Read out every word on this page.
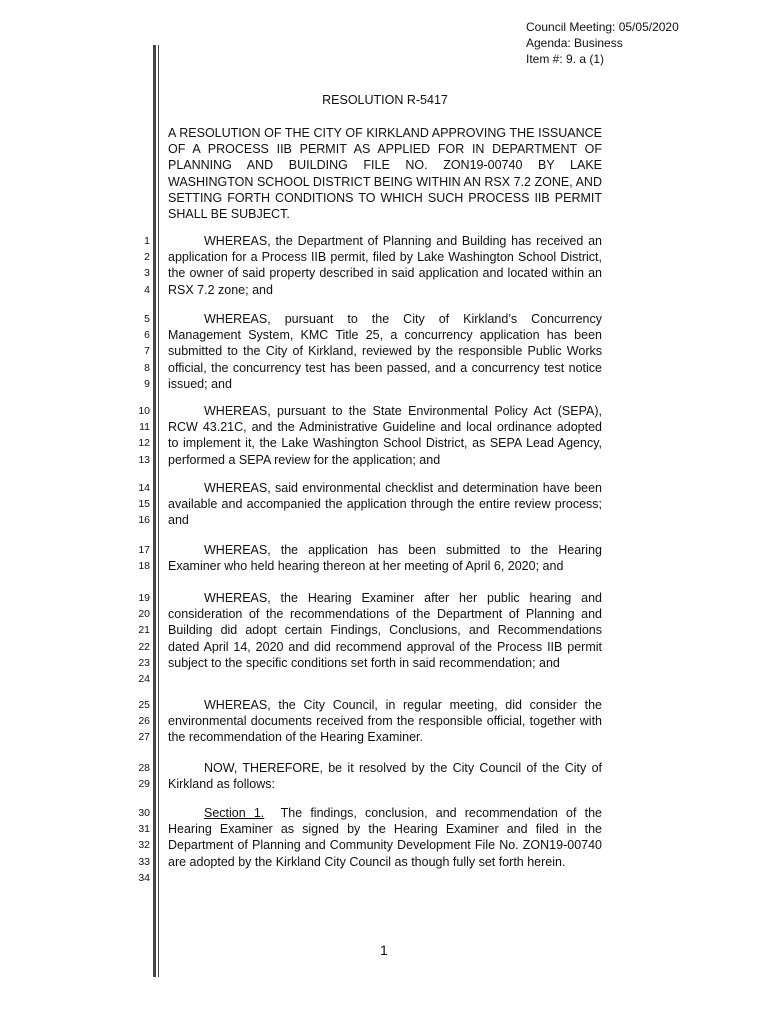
Council Meeting: 05/05/2020
Agenda: Business
Item #: 9. a (1)
RESOLUTION R-5417
A RESOLUTION OF THE CITY OF KIRKLAND APPROVING THE ISSUANCE OF A PROCESS IIB PERMIT AS APPLIED FOR IN DEPARTMENT OF PLANNING AND BUILDING FILE NO. ZON19-00740 BY LAKE WASHINGTON SCHOOL DISTRICT BEING WITHIN AN RSX 7.2 ZONE, AND SETTING FORTH CONDITIONS TO WHICH SUCH PROCESS IIB PERMIT SHALL BE SUBJECT.
1
2
3
4
5
6
7
8
9
10
11
12
13
14
15
16
17
18
19
20
21
22
23
24
25
26
27
28
29
30
31
32
33
34
WHEREAS, the Department of Planning and Building has received an application for a Process IIB permit, filed by Lake Washington School District, the owner of said property described in said application and located within an RSX 7.2 zone; and
WHEREAS, pursuant to the City of Kirkland’s Concurrency Management System, KMC Title 25, a concurrency application has been submitted to the City of Kirkland, reviewed by the responsible Public Works official, the concurrency test has been passed, and a concurrency test notice issued; and
WHEREAS, pursuant to the State Environmental Policy Act (SEPA), RCW 43.21C, and the Administrative Guideline and local ordinance adopted to implement it, the Lake Washington School District, as SEPA Lead Agency, performed a SEPA review for the application; and
WHEREAS, said environmental checklist and determination have been available and accompanied the application through the entire review process; and
WHEREAS, the application has been submitted to the Hearing Examiner who held hearing thereon at her meeting of April 6, 2020; and
WHEREAS, the Hearing Examiner after her public hearing and consideration of the recommendations of the Department of Planning and Building did adopt certain Findings, Conclusions, and Recommendations dated April 14, 2020 and did recommend approval of the Process IIB permit subject to the specific conditions set forth in said recommendation; and
WHEREAS, the City Council, in regular meeting, did consider the environmental documents received from the responsible official, together with the recommendation of the Hearing Examiner.
NOW, THEREFORE, be it resolved by the City Council of the City of Kirkland as follows:
Section 1. The findings, conclusion, and recommendation of the Hearing Examiner as signed by the Hearing Examiner and filed in the Department of Planning and Community Development File No. ZON19-00740 are adopted by the Kirkland City Council as though fully set forth herein.
1
